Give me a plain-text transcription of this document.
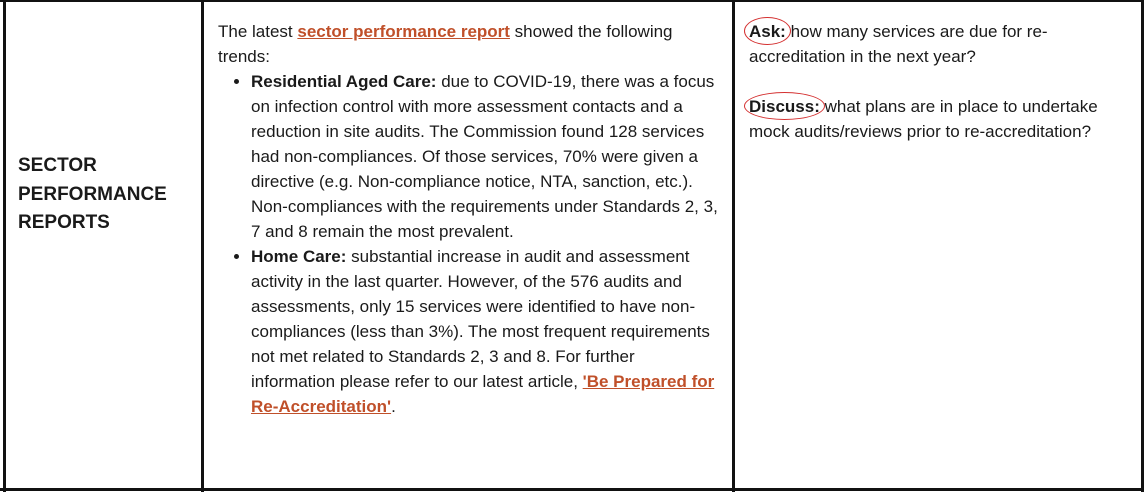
SECTOR PERFORMANCE REPORTS

The latest sector performance report showed the following trends:

• Residential Aged Care: due to COVID-19, there was a focus on infection control with more assessment contacts and a reduction in site audits. The Commission found 128 services had non-compliances. Of those services, 70% were given a directive (e.g. Non-compliance notice, NTA, sanction, etc.). Non-compliances with the requirements under Standards 2, 3, 7 and 8 remain the most prevalent.
• Home Care: substantial increase in audit and assessment activity in the last quarter. However, of the 576 audits and assessments, only 15 services were identified to have non-compliances (less than 3%). The most frequent requirements not met related to Standards 2, 3 and 8. For further information please refer to our latest article, 'Be Prepared for Re-Accreditation'.
Ask: how many services are due for re-accreditation in the next year?
Discuss: what plans are in place to undertake mock audits/reviews prior to re-accreditation?
